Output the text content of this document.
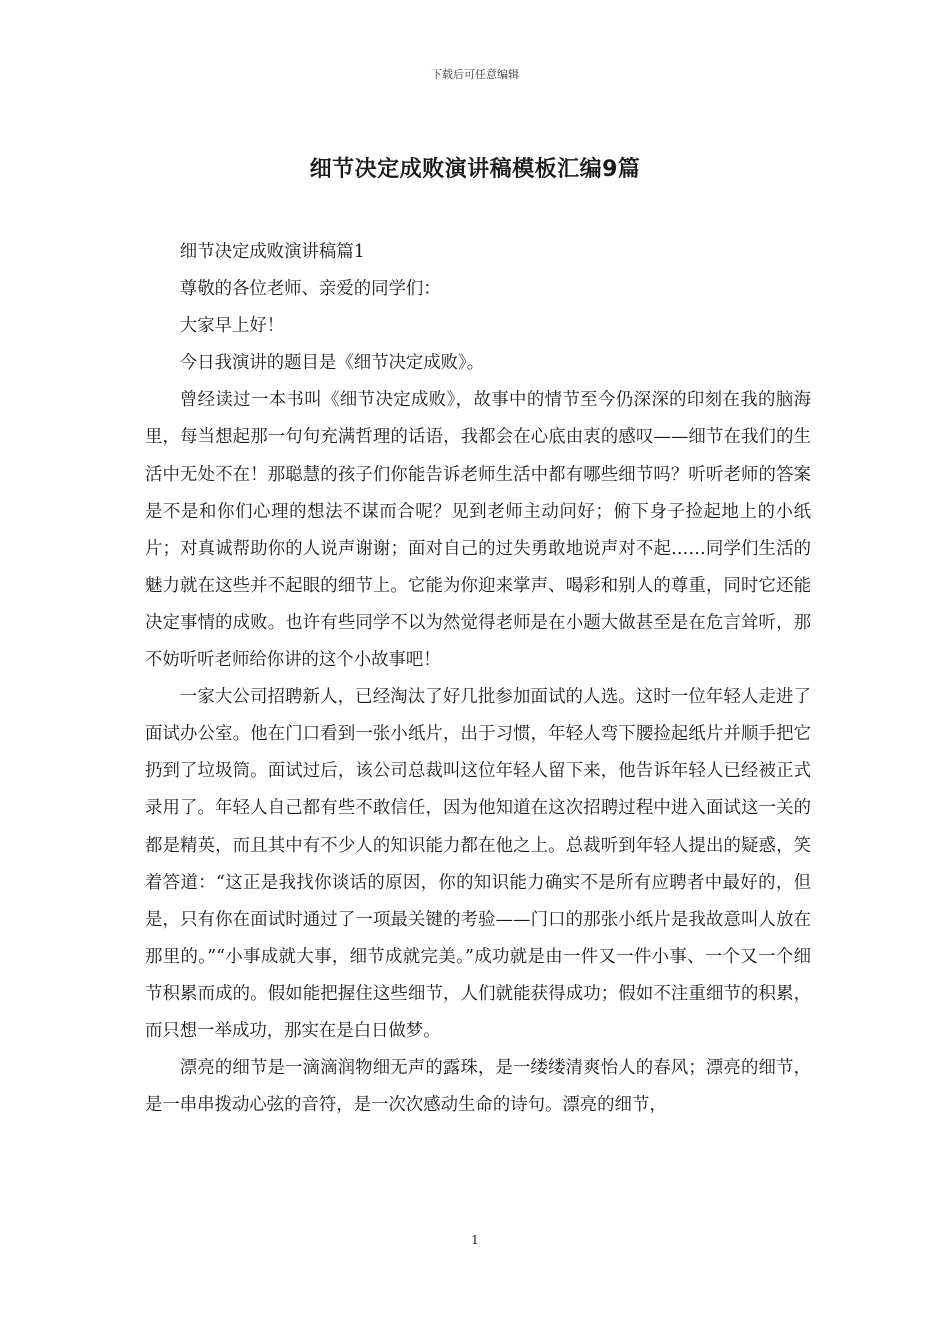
下载后可任意编辑
细节决定成败演讲稿模板汇编9篇

细节决定成败演讲稿篇1

尊敬的各位老师、亲爱的同学们：

大家早上好！

今日我演讲的题目是《细节决定成败》。

曾经读过一本书叫《细节决定成败》，故事中的情节至今仍深深的印刻在我的脑海里，每当想起那一句句充满哲理的话语，我都会在心底由衷的感叹——细节在我们的生活中无处不在！那聪慧的孩子们你能告诉老师生活中都有哪些细节吗？听听老师的答案是不是和你们心理的想法不谋而合呢？见到老师主动问好；俯下身子捡起地上的小纸片；对真诚帮助你的人说声谢谢；面对自己的过失勇敢地说声对不起……同学们生活的魅力就在这些并不起眼的细节上。它能为你迎来掌声、喝彩和别人的尊重，同时它还能决定事情的成败。也许有些同学不以为然觉得老师是在小题大做甚至是在危言耸听，那不妨听听老师给你讲的这个小故事吧！

一家大公司招聘新人，已经淘汰了好几批参加面试的人选。这时一位年轻人走进了面试办公室。他在门口看到一张小纸片，出于习惯，年轻人弯下腰捡起纸片并顺手把它扔到了垃圾筒。面试过后，该公司总裁叫这位年轻人留下来，他告诉年轻人已经被正式录用了。年轻人自己都有些不敢信任，因为他知道在这次招聘过程中进入面试这一关的都是精英，而且其中有不少人的知识能力都在他之上。总裁听到年轻人提出的疑惑，笑着答道：“这正是我找你谈话的原因，你的知识能力确实不是所有应聘者中最好的，但是，只有你在面试时通过了一项最关键的考验——门口的那张小纸片是我故意叫人放在那里的。”“小事成就大事，细节成就完美。”成功就是由一件又一件小事、一个又一个细节积累而成的。假如能把握住这些细节，人们就能获得成功；假如不注重细节的积累，而只想一举成功，那实在是白日做梦。

漂亮的细节是一滴滴润物细无声的露珠，是一缕缕清爽怡人的春风；漂亮的细节，是一串串拨动心弦的音符，是一次次感动生命的诗句。漂亮的细节，

1
